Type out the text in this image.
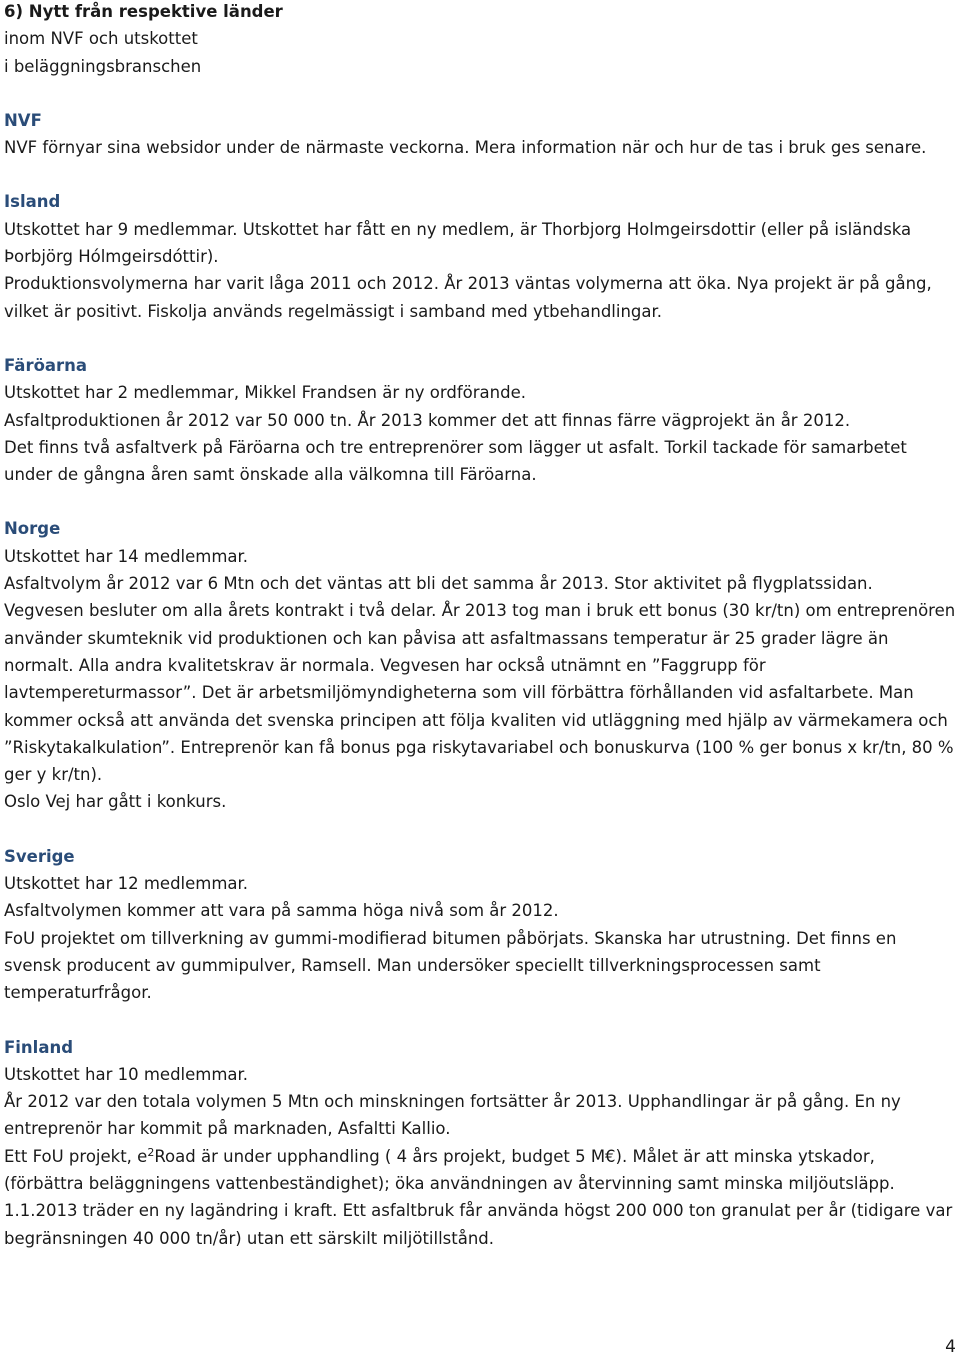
6) Nytt från respektive länder

inom NVF och utskottet

i beläggningsbranschen

NVF

NVF förnyar sina websidor under de närmaste veckorna. Mera information när och hur de tas i bruk ges senare.

Island

Utskottet har 9 medlemmar. Utskottet har fått en ny medlem, är Thorbjorg Holmgeirsdottir (eller på isländska Þorbjörg Hólmgeirsdóttir).

Produktionsvolymerna har varit låga 2011 och 2012. År 2013 väntas volymerna att öka. Nya projekt är på gång, vilket är positivt. Fiskolja används regelmässigt i samband med ytbehandlingar.

Färöarna

Utskottet har 2 medlemmar, Mikkel Frandsen är ny ordförande.

Asfaltproduktionen år 2012 var 50 000 tn. År 2013 kommer det att finnas färre vägprojekt än år 2012.

Det finns två asfaltverk på Färöarna och tre entreprenörer som lägger ut asfalt. Torkil tackade för samarbetet under de gångna åren samt önskade alla välkomna till Färöarna.

Norge

Utskottet har 14 medlemmar.

Asfaltvolym år 2012 var 6 Mtn och det väntas att bli det samma år 2013. Stor aktivitet på flygplatssidan. Vegvesen besluter om alla årets kontrakt i två delar. År 2013 tog man i bruk ett bonus (30 kr/tn) om entreprenören använder skumteknik vid produktionen och kan påvisa att asfaltmassans temperatur är 25 grader lägre än normalt. Alla andra kvalitetskrav är normala. Vegvesen har också utnämnt en ”Faggrupp för lavtempereturmassor”. Det är arbetsmiljömyndigheterna som vill förbättra förhållanden vid asfaltarbete. Man kommer också att använda det svenska principen att följa kvaliten vid utläggning med hjälp av värmekamera och ”Riskytakalkulation”. Entreprenör kan få bonus pga riskytavariabel och bonuskurva (100 % ger bonus x kr/tn, 80 % ger y kr/tn).

Oslo Vej har gått i konkurs.

Sverige

Utskottet har 12 medlemmar.

Asfaltvolymen kommer att vara på samma höga nivå som år 2012.

FoU projektet om tillverkning av gummi-modifierad bitumen påbörjats. Skanska har utrustning. Det finns en svensk producent av gummipulver, Ramsell. Man undersöker speciellt tillverkningsprocessen samt temperaturfrågor.

Finland

Utskottet har 10 medlemmar.

År 2012 var den totala volymen 5 Mtn och minskningen fortsätter år 2013. Upphandlingar är på gång. En ny entreprenör har kommit på marknaden, Asfaltti Kallio.

Ett FoU projekt, $e^2Road$ är under upphandling ( 4 års projekt, budget 5 M€). Målet är att minska ytskador, (förbättra beläggningens vattenbeständighet); öka användningen av återvinning samt minska miljöutsläpp.

1.1.2013 träder en ny lagändring i kraft. Ett asfaltbruk får använda högst 200 000 ton granulat per år (tidigare var begränsningen 40 000 tn/år) utan ett särskilt miljötillstånd.

4
